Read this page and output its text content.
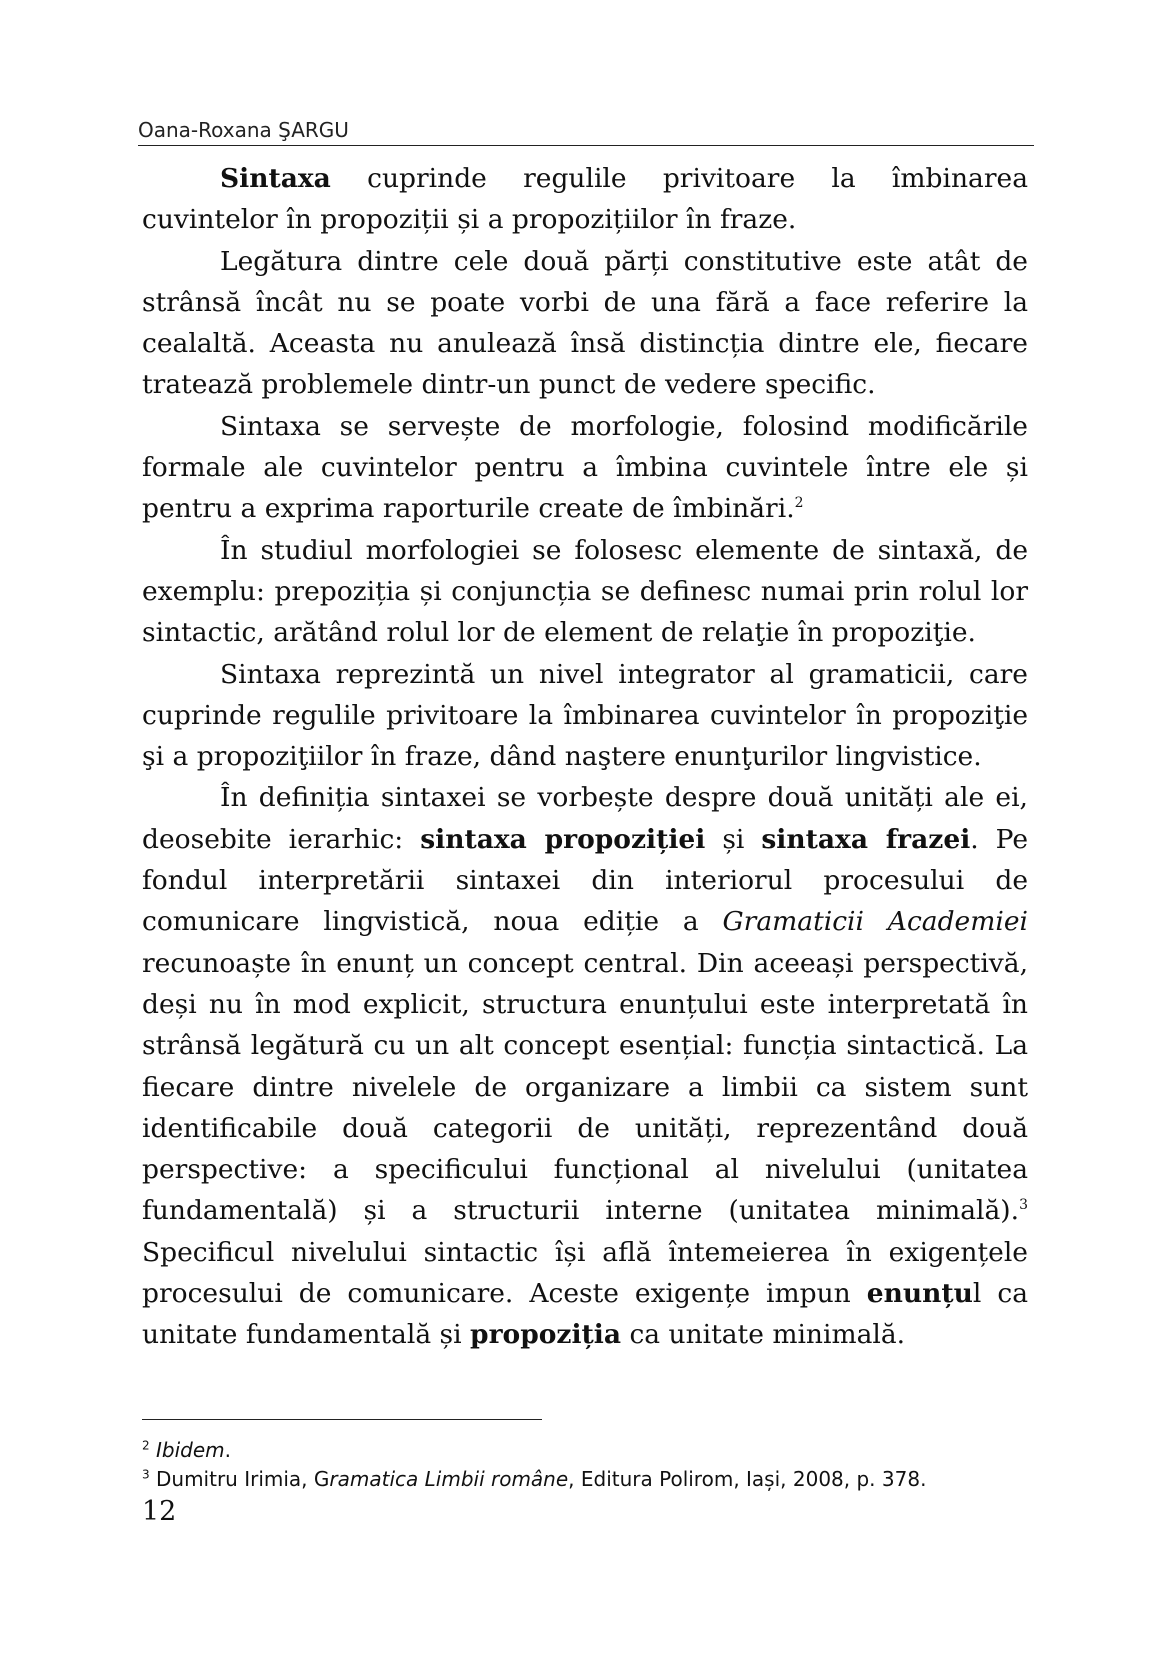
Oana-Roxana ŞARGU

Sintaxa cuprinde regulile privitoare la îmbinarea cuvintelor în propoziții și a propozițiilor în fraze.

Legătura dintre cele două părți constitutive este atât de strânsă încât nu se poate vorbi de una fără a face referire la cealaltă. Aceasta nu anulează însă distincția dintre ele, fiecare tratează problemele dintr-un punct de vedere specific.

Sintaxa se servește de morfologie, folosind modificările formale ale cuvintelor pentru a îmbina cuvintele între ele și pentru a exprima raporturile create de îmbinări.$^2$

În studiul morfologiei se folosesc elemente de sintaxă, de exemplu: prepoziția și conjuncția se definesc numai prin rolul lor sintactic, arătând rolul lor de element de relaţie în propoziţie.

Sintaxa reprezintă un nivel integrator al gramaticii, care cuprinde regulile privitoare la îmbinarea cuvintelor în propoziţie şi a propoziţiilor în fraze, dând naştere enunţurilor lingvistice.

În definiția sintaxei se vorbește despre două unități ale ei, deosebite ierarhic: sintaxa propoziției și sintaxa frazei. Pe fondul interpretării sintaxei din interiorul procesului de comunicare lingvistică, noua ediție a Gramaticii Academiei recunoaște în enunț un concept central. Din aceeași perspectivă, deși nu în mod explicit, structura enunțului este interpretată în strânsă legătură cu un alt concept esențial: funcția sintactică. La fiecare dintre nivelele de organizare a limbii ca sistem sunt identificabile două categorii de unități, reprezentând două perspective: a specificului funcțional al nivelului (unitatea fundamentală) și a structurii interne (unitatea minimală).$^3$ Specificul nivelului sintactic își află întemeierea în exigențele procesului de comunicare. Aceste exigențe impun enunțul ca unitate fundamentală și propoziția ca unitate minimală.

$^2$ Ibidem.
$^3$ Dumitru Irimia, Gramatica Limbii române, Editura Polirom, Iași, 2008, p. 378.
12
